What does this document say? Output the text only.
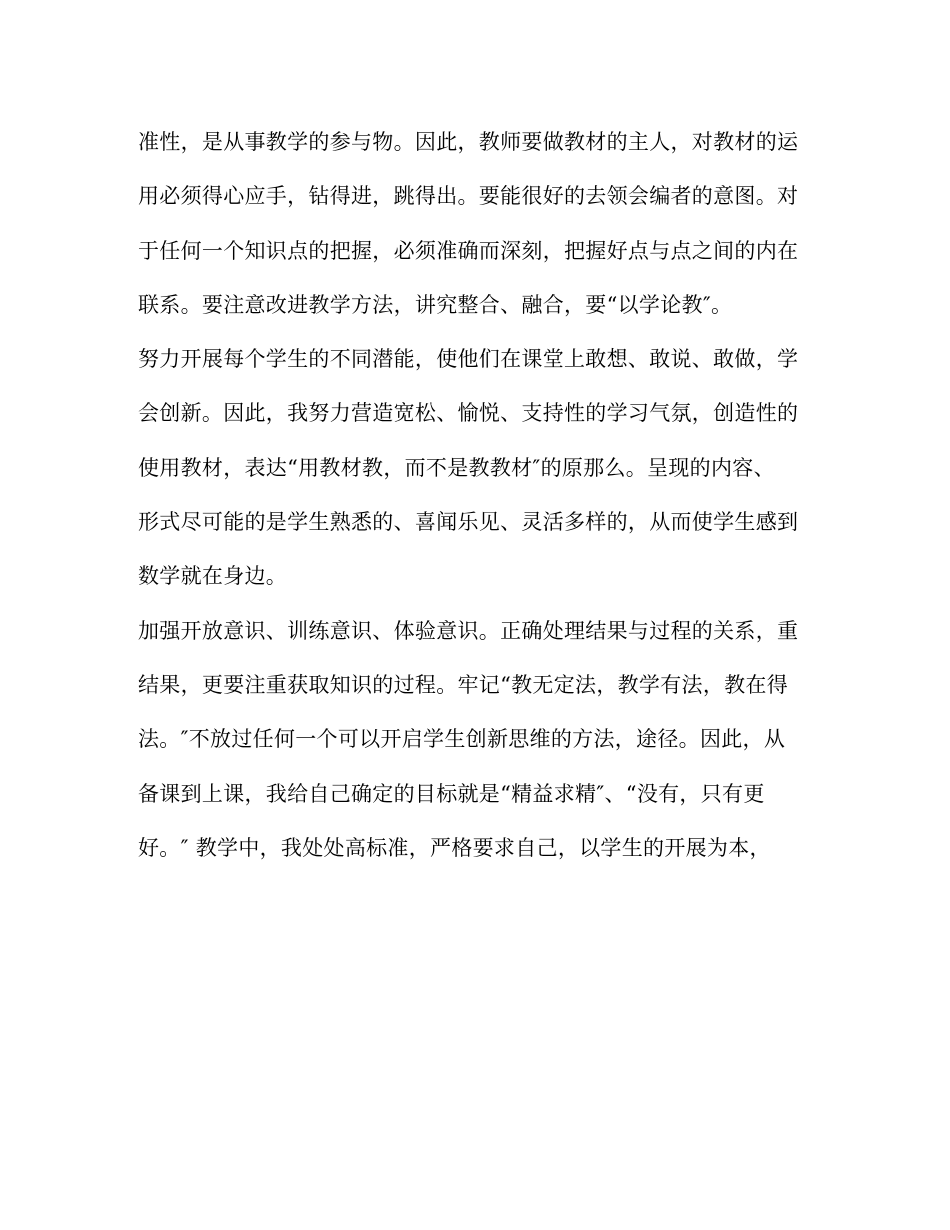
准性，是从事教学的参与物。因此，教师要做教材的主人，对教材的运
用必须得心应手，钻得进，跳得出。要能很好的去领会编者的意图。对
于任何一个知识点的把握，必须准确而深刻，把握好点与点之间的内在
联系。要注意改进教学方法，讲究整合、融合，要“以学论教″。
努力开展每个学生的不同潜能，使他们在课堂上敢想、敢说、敢做，学
会创新。因此，我努力营造宽松、愉悦、支持性的学习气氛，创造性的
使用教材，表达“用教材教，而不是教教材″的原那么。呈现的内容、
形式尽可能的是学生熟悉的、喜闻乐见、灵活多样的，从而使学生感到
数学就在身边。
加强开放意识、训练意识、体验意识。正确处理结果与过程的关系，重
结果，更要注重获取知识的过程。牢记“教无定法，教学有法，教在得
法。″不放过任何一个可以开启学生创新思维的方法，途径。因此，从
备课到上课，我给自己确定的目标就是“精益求精″、“没有，只有更
好。″ 教学中，我处处高标准，严格要求自己，以学生的开展为本，
